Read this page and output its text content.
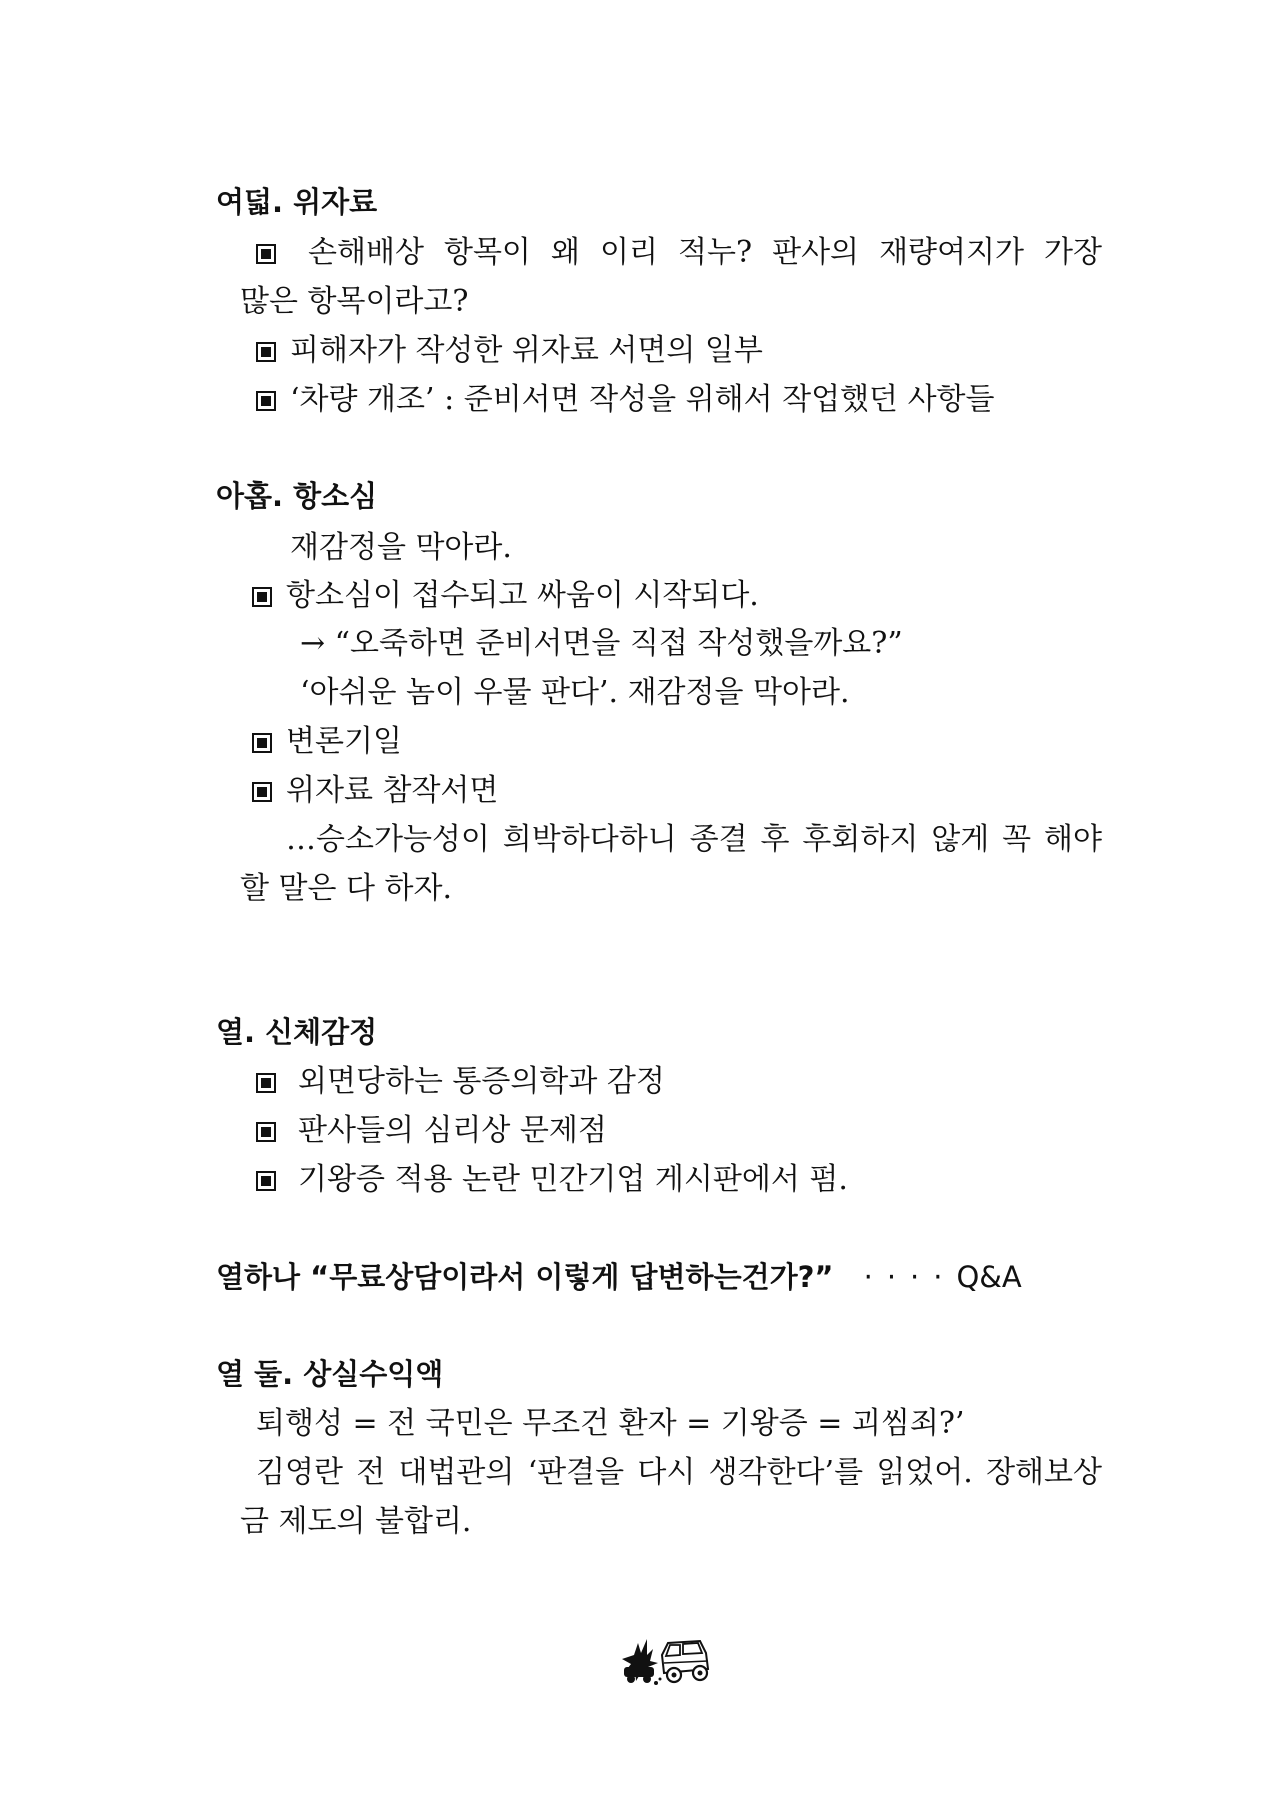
여덟. 위자료
손해배상 항목이 왜 이리 적누? 판사의 재량여지가 가장
많은 항목이라고?
피해자가 작성한 위자료 서면의 일부
‘차량 개조’ : 준비서면 작성을 위해서 작업했던 사항들
아홉. 항소심
재감정을 막아라.
항소심이 접수되고 싸움이 시작되다.
→ “오죽하면 준비서면을 직접 작성했을까요?”
‘아쉬운 놈이 우물 판다’. 재감정을 막아라.
변론기일
위자료 참작서면
…승소가능성이 희박하다하니 종결 후 후회하지 않게 꼭 해야
할 말은 다 하자.
열. 신체감정
외면당하는 통증의학과 감정
판사들의 심리상 문제점
기왕증 적용 논란 민간기업 게시판에서 펌.
열하나 “무료상담이라서 이렇게 답변하는건가?” ····Q&A
열 둘. 상실수익액
퇴행성 = 전 국민은 무조건 환자 = 기왕증 = 괴씸죄?’
김영란 전 대법관의 ‘판결을 다시 생각한다’를 읽었어. 장해보상
금 제도의 불합리.
